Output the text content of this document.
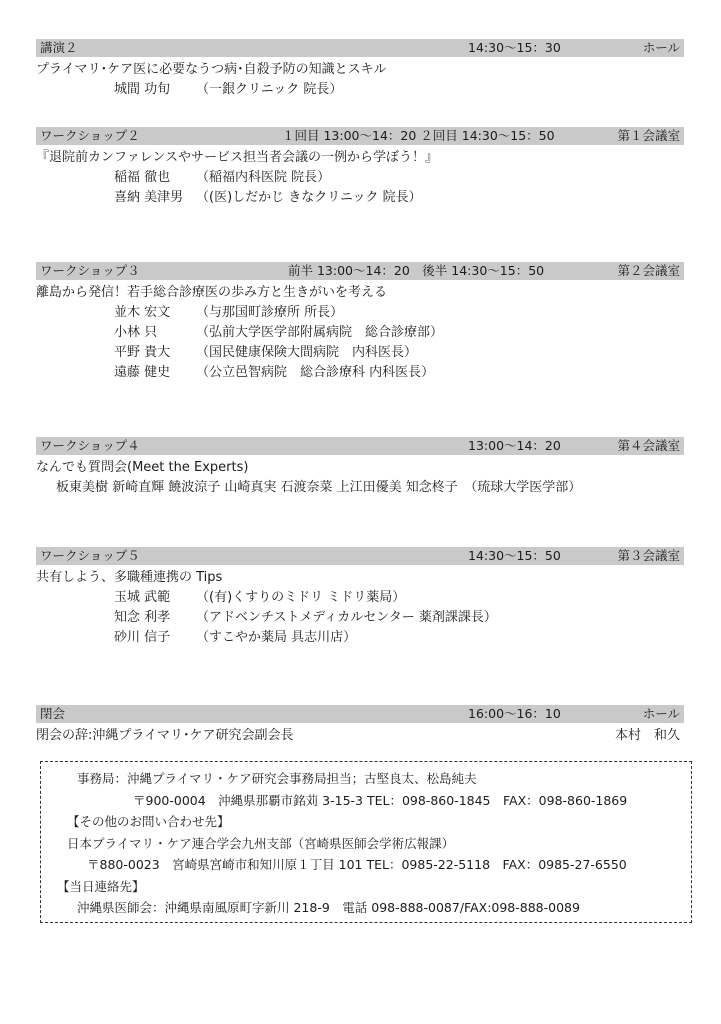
講演２	14:30～15：30	ホール
プライマリ･ケア医に必要なうつ病･自殺予防の知識とスキル
城間 功旬 （一銀クリニック 院長）
ワークショップ２	１回目 13:00～14：20 ２回目 14:30～15：50	第１会議室
『退院前カンファレンスやサービス担当者会議の一例から学ぼう！』
稲福 徹也 （稲福内科医院 院長）
喜納 美津男 （(医)しだかじ きなクリニック 院長）
ワークショップ３	前半 13:00～14：20　後半 14:30～15：50	第２会議室
離島から発信！若手総合診療医の歩み方と生きがいを考える
並木 宏文 （与那国町診療所 所長）
小林 只	（弘前大学医学部附属病院　総合診療部）
平野 貴大 （国民健康保険大間病院　内科医長）
遠藤 健史 （公立邑智病院　総合診療科 内科医長）
ワークショップ４	13:00～14：20	第４会議室
なんでも質問会(Meet the Experts)
板東美樹 新崎直輝 饒波涼子 山崎真実 石渡奈菜 上江田優美 知念柊子　（琉球大学医学部）
ワークショップ５	14:30～15：50	第３会議室
共有しよう、多職種連携の Tips
玉城 武範 （(有)くすりのミドリ ミドリ薬局）
知念 利孝 （アドベンチストメディカルセンター 薬剤課課長）
砂川 信子 （すこやか薬局 具志川店）
閉会	16:00～16：10	ホール
閉会の辞:沖縄プライマリ･ケア研究会副会長	本村　和久
事務局：沖縄プライマリ・ケア研究会事務局担当；古堅良太、松島純夫
〒900-0004　沖縄県那覇市銘苅 3-15-3 TEL：098-860-1845　FAX：098-860-1869
【その他のお問い合わせ先】
日本プライマリ・ケア連合学会九州支部（宮崎県医師会学術広報課）
〒880-0023　宮崎県宮崎市和知川原１丁目 101 TEL：0985-22-5118　FAX：0985-27-6550
【当日連絡先】
沖縄県医師会：沖縄県南風原町字新川 218-9　電話 098-888-0087/FAX:098-888-0089
